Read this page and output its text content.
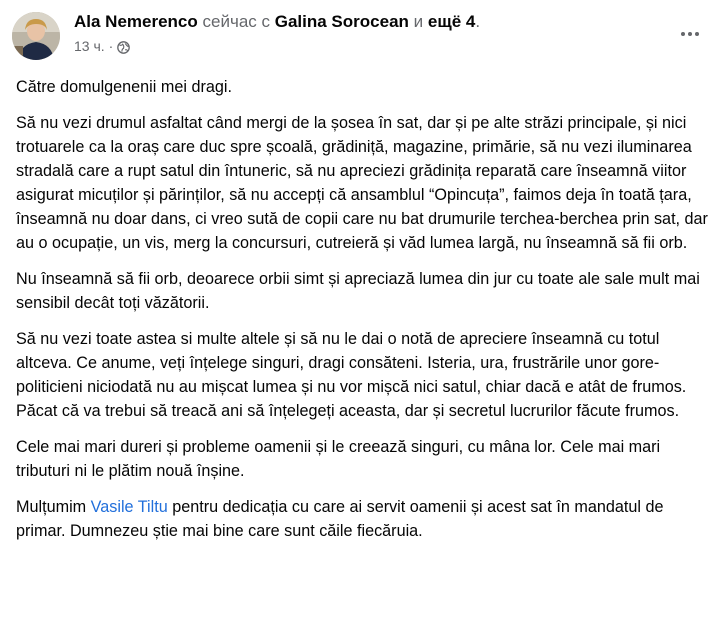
Ala Nemerenco сейчас с Galina Sorocean и ещё 4.
13 ч. ·

Către domulgenenii mei dragi.

Să nu vezi drumul asfaltat când mergi de la șosea în sat, dar și pe alte străzi principale, și nici trotuarele ca la oraș care duc spre școală, grădiniță, magazine, primărie, să nu vezi iluminarea stradală care a rupt satul din întuneric, să nu apreciezi grădinița reparată care înseamnă viitor asigurat micuților și părinților, să nu accepți că ansamblul “Opincuța”, faimos deja în toată țara, înseamnă nu doar dans, ci vreo sută de copii care nu bat drumurile terchea-berchea prin sat, dar au o ocupație, un vis, merg la concursuri, cutreieră și văd lumea largă, nu înseamnă să fii orb.

Nu înseamnă să fii orb, deoarece orbii simt și apreciază lumea din jur cu toate ale sale mult mai sensibil decât toți văzătorii.

Să nu vezi toate astea si multe altele și să nu le dai o notă de apreciere înseamnă cu totul altceva. Ce anume, veți înțelege singuri, dragi consăteni. Isteria, ura, frustrările unor gore-politicieni niciodată nu au mișcat lumea și nu vor mișcă nici satul, chiar dacă e atât de frumos. Păcat că va trebui să treacă ani să înțelegeți aceasta, dar și secretul lucrurilor făcute frumos.

Cele mai mari dureri și probleme oamenii și le creează singuri, cu mâna lor. Cele mai mari tributuri ni le plătim nouă înșine.

Mulțumim Vasile Tiltu pentru dedicația cu care ai servit oamenii și acest sat în mandatul de primar. Dumnezeu știe mai bine care sunt căile fiecăruia.
